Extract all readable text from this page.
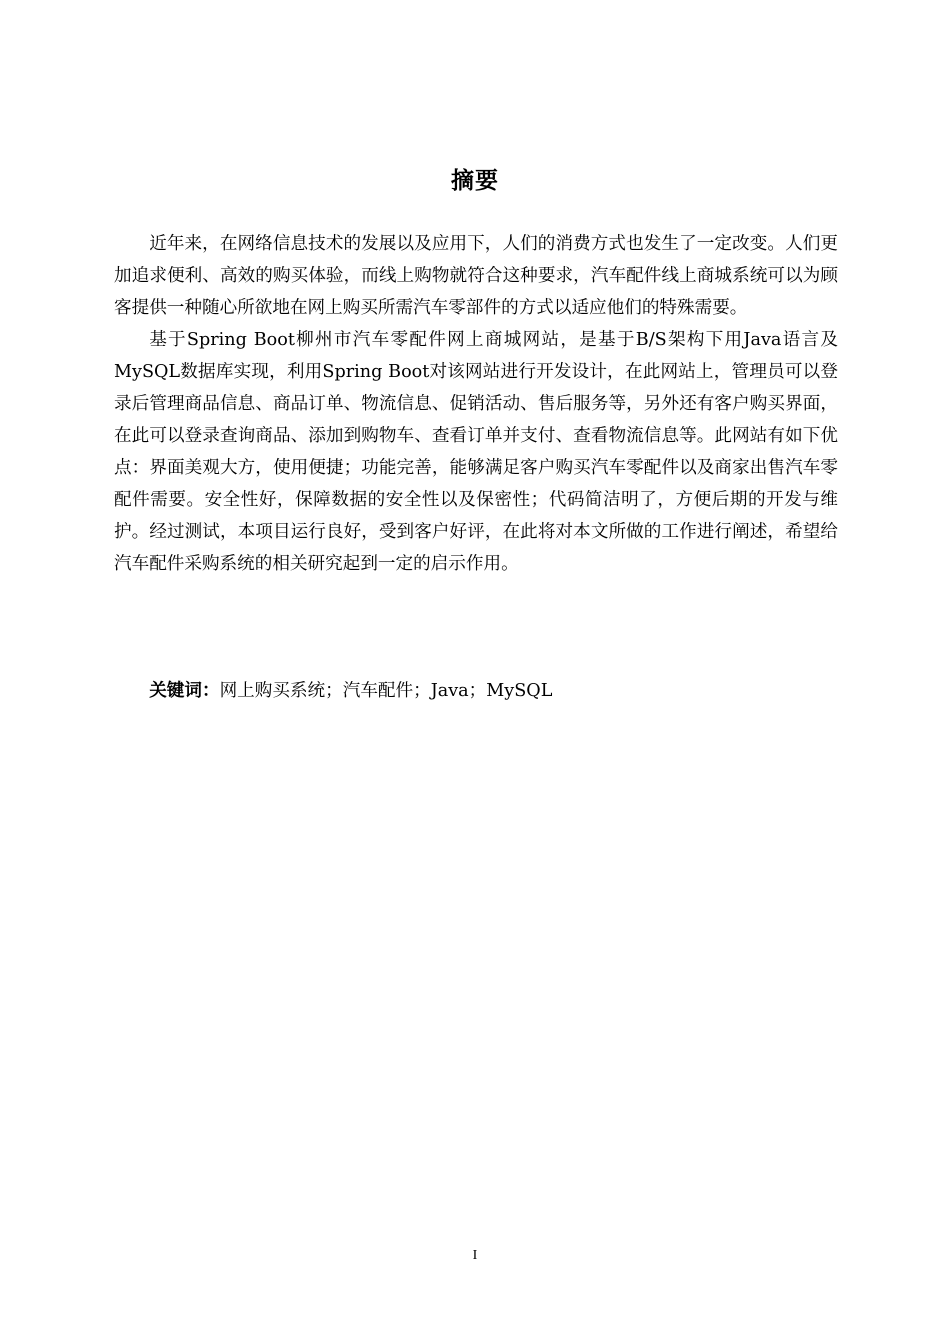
摘要

近年来，在网络信息技术的发展以及应用下，人们的消费方式也发生了一定改变。人们更加追求便利、高效的购买体验，而线上购物就符合这种要求，汽车配件线上商城系统可以为顾客提供一种随心所欲地在网上购买所需汽车零部件的方式以适应他们的特殊需要。

基于Spring Boot柳州市汽车零配件网上商城网站，是基于B/S架构下用Java语言及MySQL数据库实现，利用Spring Boot对该网站进行开发设计，在此网站上，管理员可以登录后管理商品信息、商品订单、物流信息、促销活动、售后服务等，另外还有客户购买界面，在此可以登录查询商品、添加到购物车、查看订单并支付、查看物流信息等。此网站有如下优点：界面美观大方，使用便捷；功能完善，能够满足客户购买汽车零配件以及商家出售汽车零配件需要。安全性好，保障数据的安全性以及保密性；代码简洁明了，方便后期的开发与维护。经过测试，本项目运行良好，受到客户好评，在此将对本文所做的工作进行阐述，希望给汽车配件采购系统的相关研究起到一定的启示作用。

关键词：网上购买系统；汽车配件；Java；MySQL
I
